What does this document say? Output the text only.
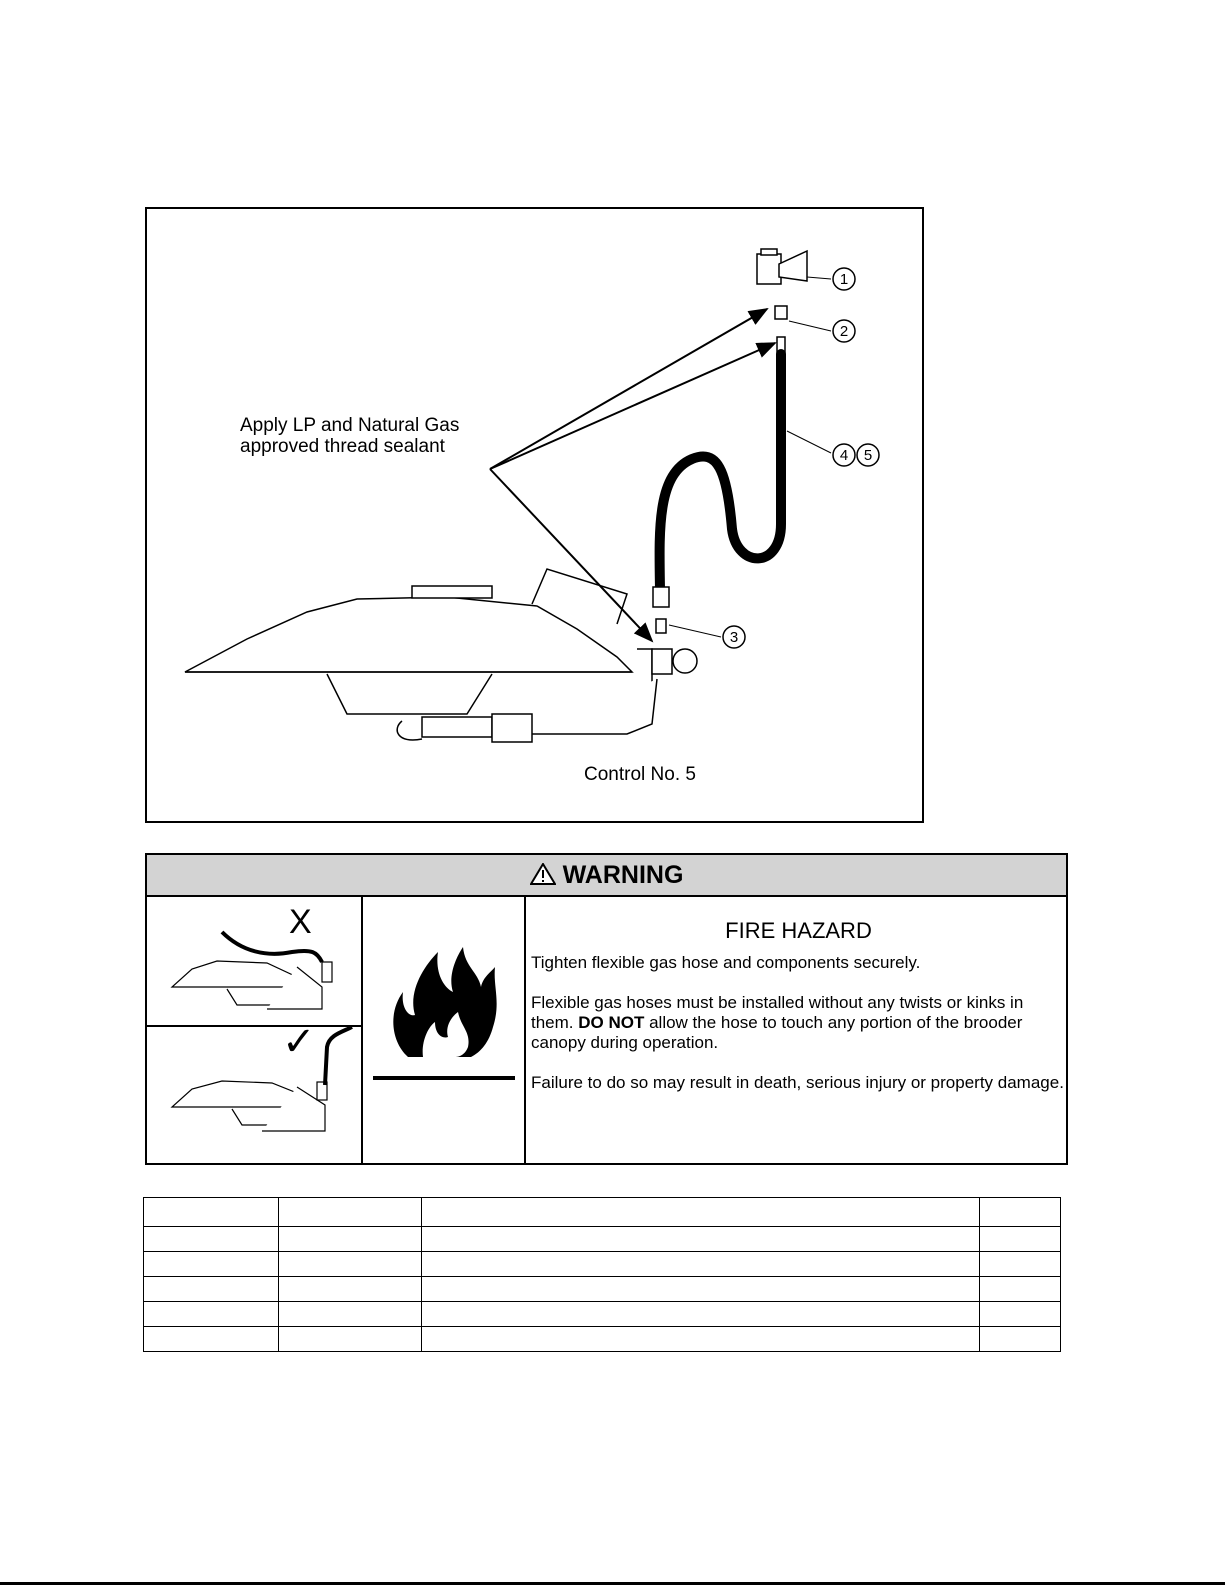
1
2
3
4 5
Apply LP and Natural Gas
approved thread sealant
Control No. 5
WARNING
X
✓
FIRE HAZARD

Tighten flexible gas hose and components securely.

Flexible gas hoses must be installed without any twists or kinks in them. DO NOT allow the hose to touch any portion of the brooder canopy during operation.

Failure to do so may result in death, serious injury or property damage.
